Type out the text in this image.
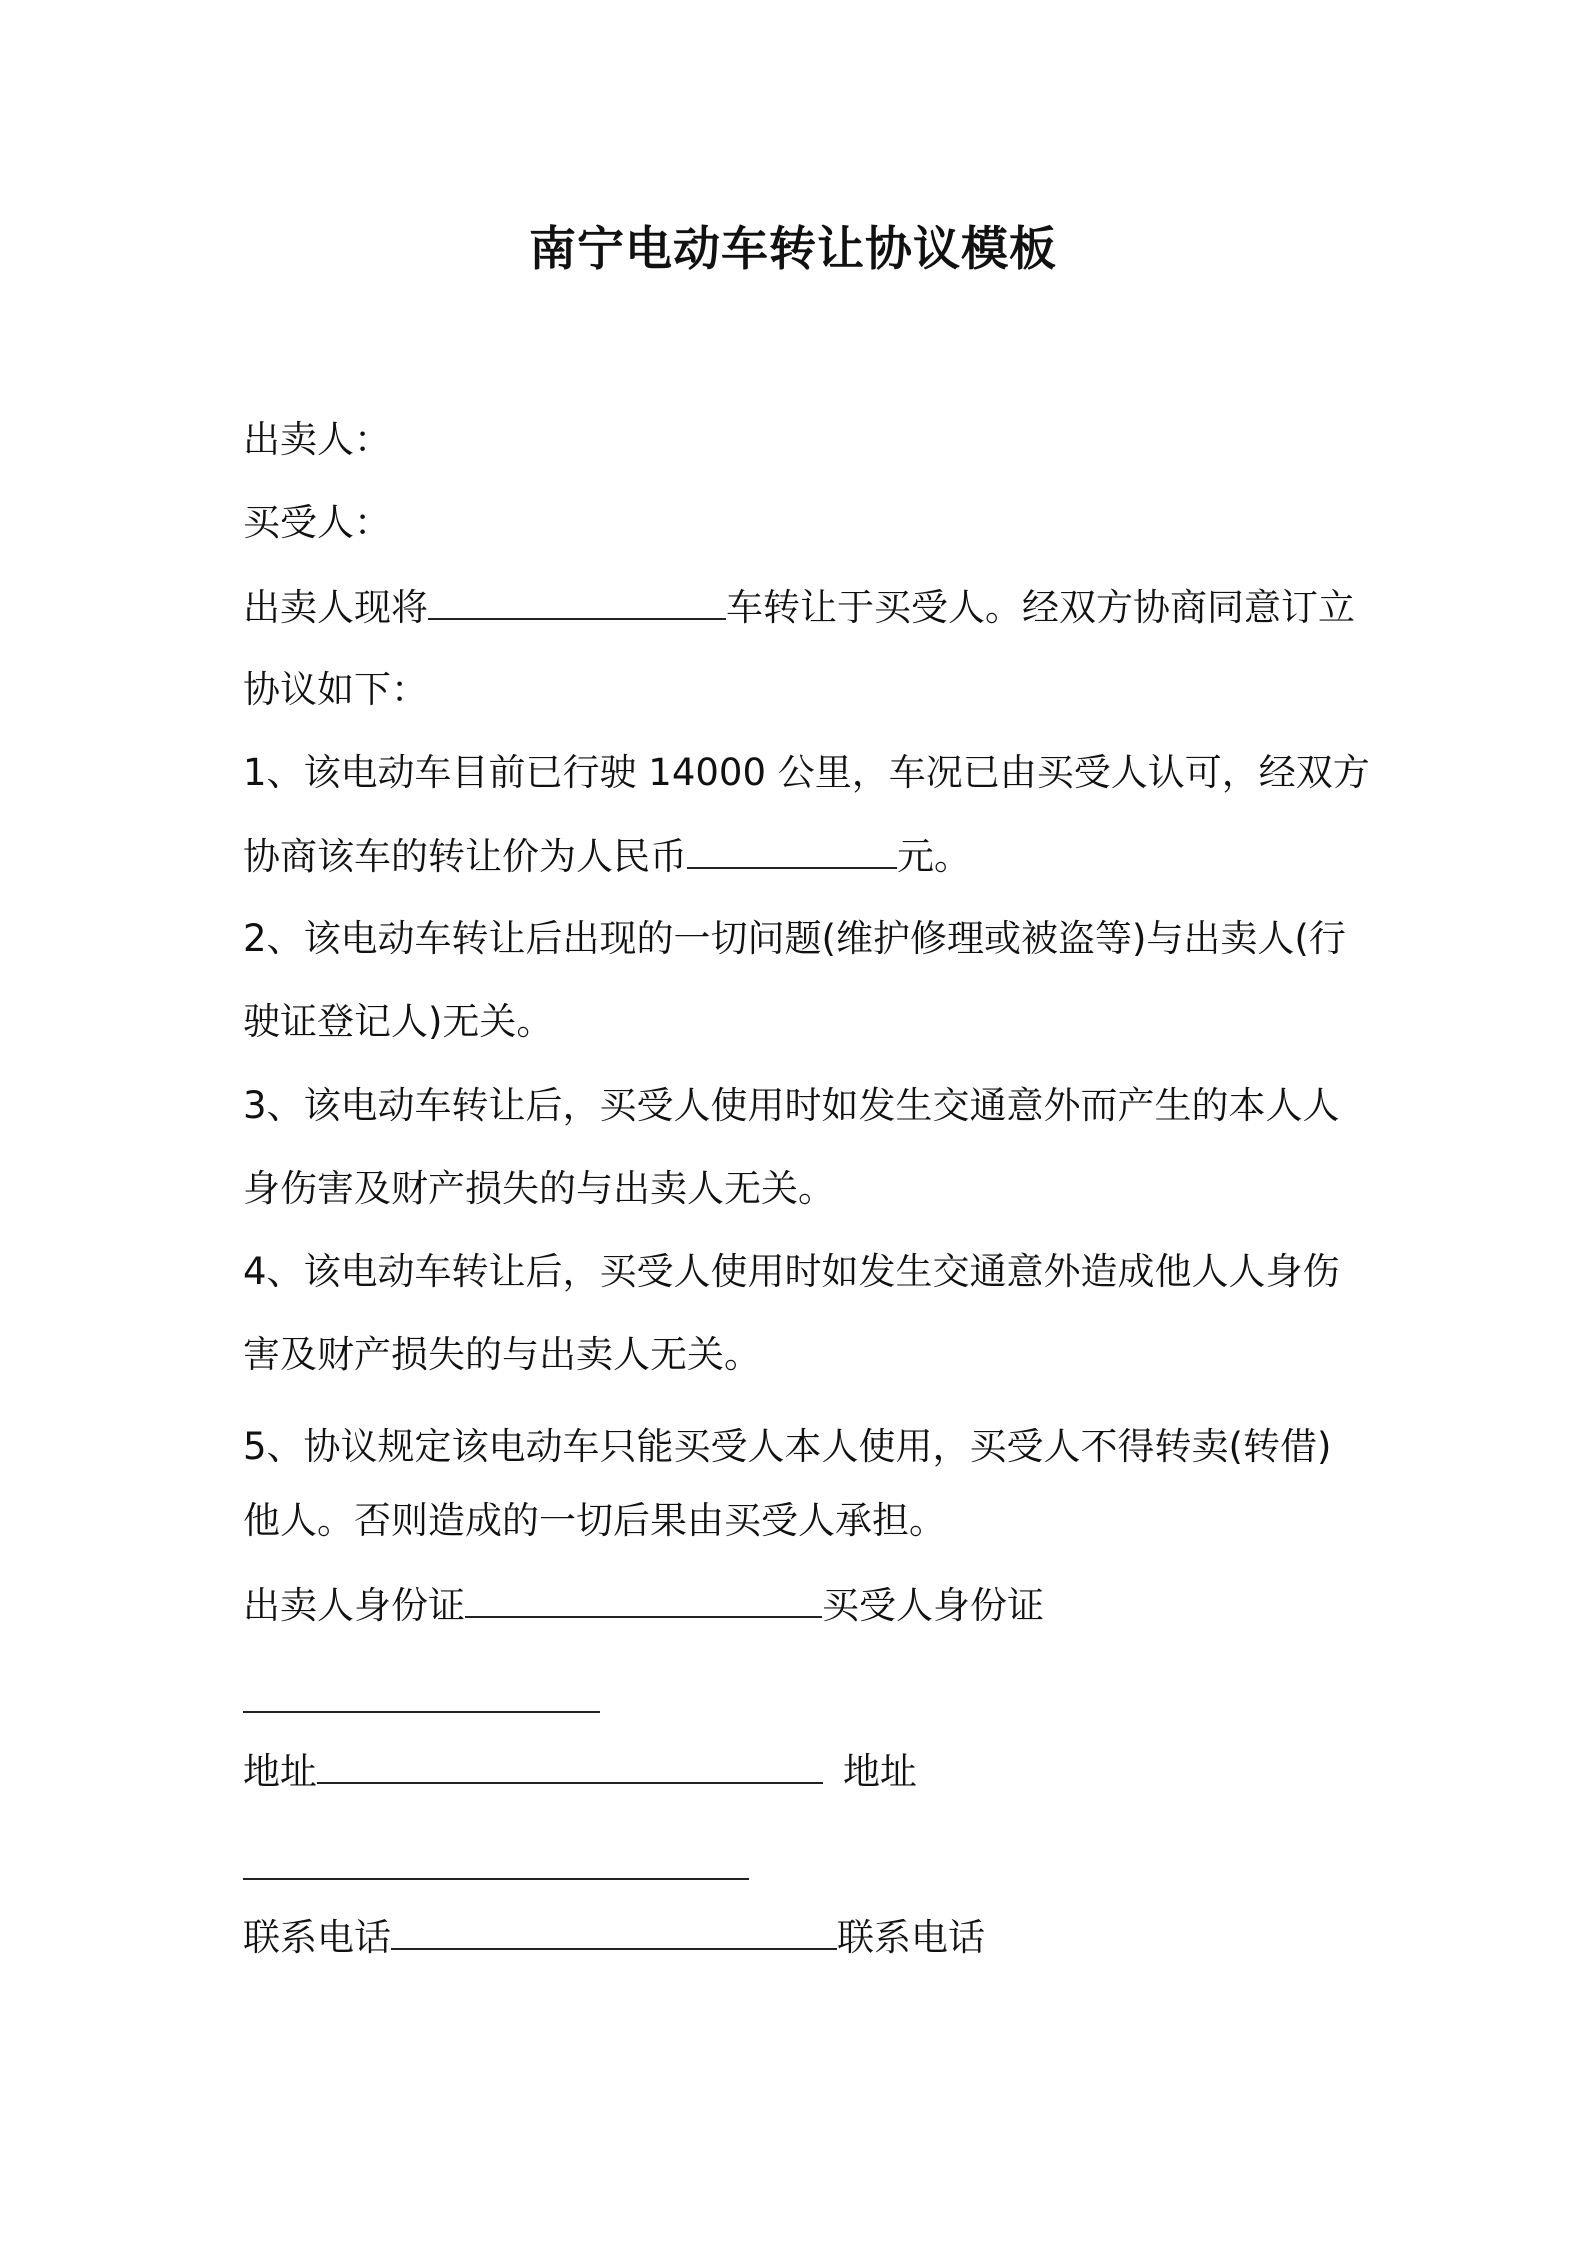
南宁电动车转让协议模板
出卖人：
买受人：
出卖人现将	车转让于买受人。经双方协商同意订立
协议如下：
1、该电动车目前已行驶 14000 公里，车况已由买受人认可，经双方
协商该车的转让价为人民币	元。
2、该电动车转让后出现的一切问题(维护修理或被盗等)与出卖人(行
驶证登记人)无关。
3、该电动车转让后，买受人使用时如发生交通意外而产生的本人人
身伤害及财产损失的与出卖人无关。
4、该电动车转让后，买受人使用时如发生交通意外造成他人人身伤
害及财产损失的与出卖人无关。
5、协议规定该电动车只能买受人本人使用，买受人不得转卖(转借)
他人。否则造成的一切后果由买受人承担。
出卖人身份证	买受人身份证
地址	地址
联系电话	联系电话
